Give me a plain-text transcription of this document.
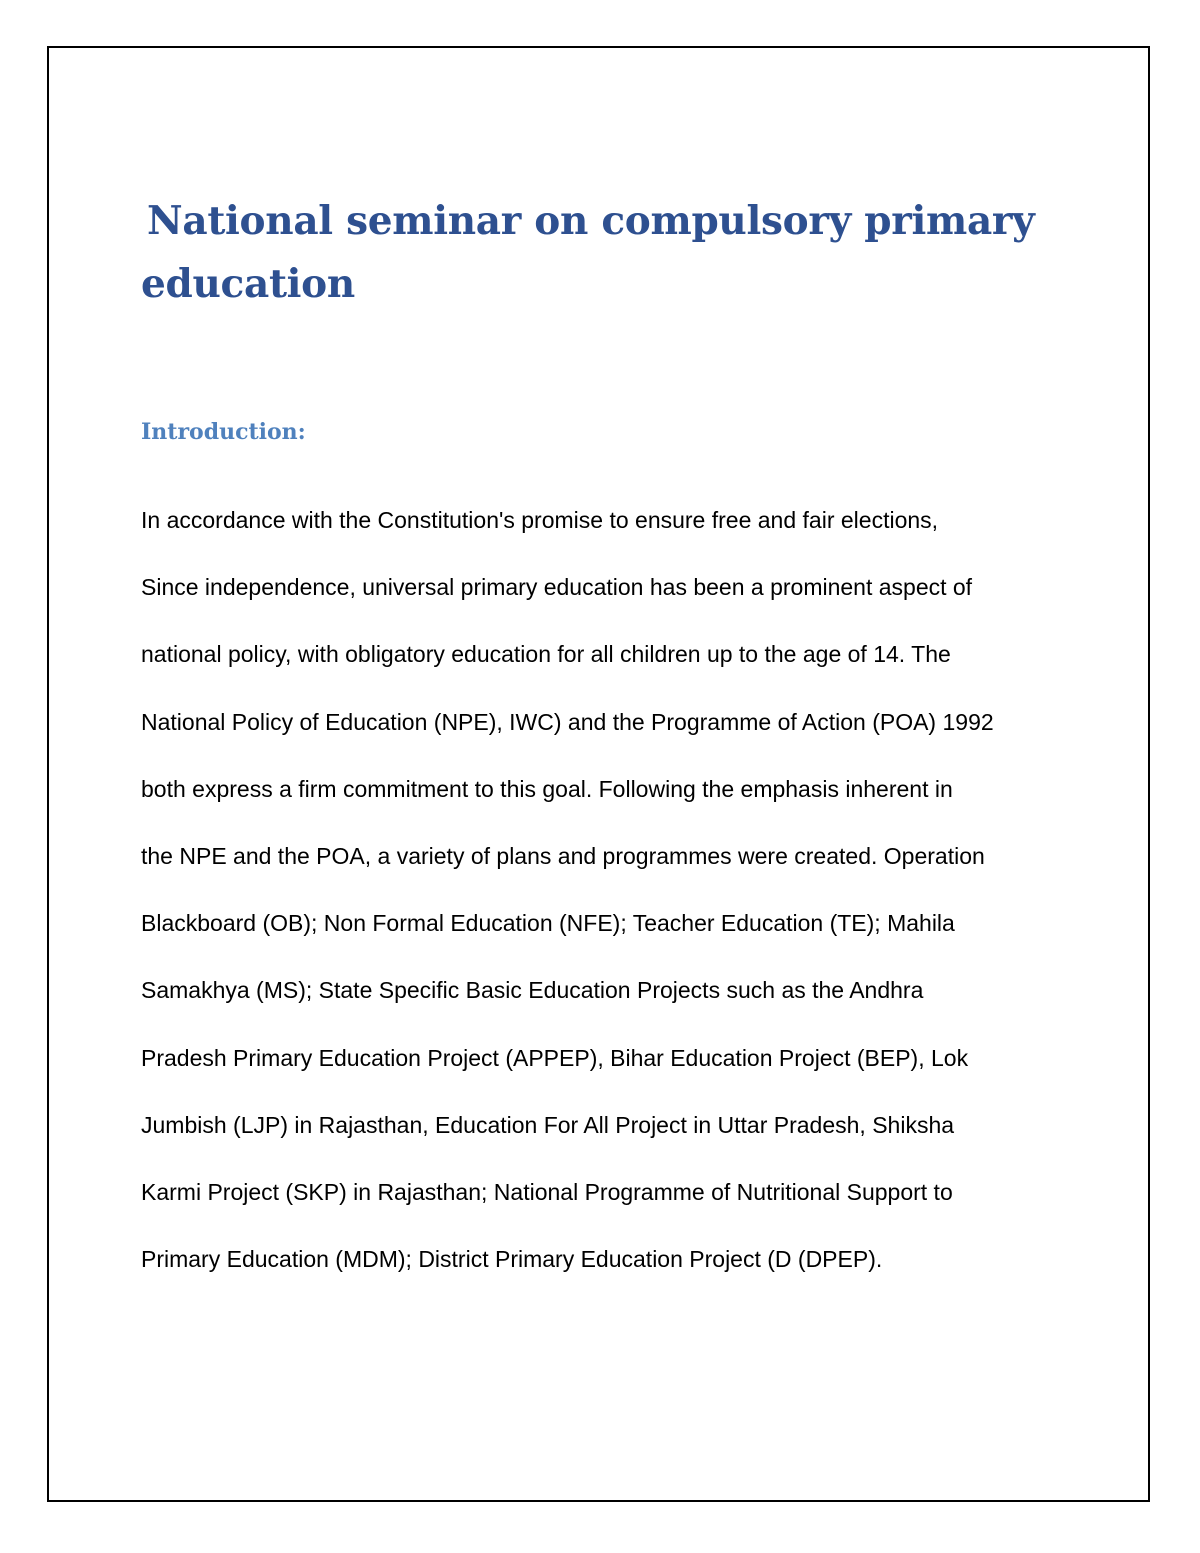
National seminar on compulsory primary
education
Introduction:
In accordance with the Constitution's promise to ensure free and fair elections,
Since independence, universal primary education has been a prominent aspect of
national policy, with obligatory education for all children up to the age of 14. The
National Policy of Education (NPE), IWC) and the Programme of Action (POA) 1992
both express a firm commitment to this goal. Following the emphasis inherent in
the NPE and the POA, a variety of plans and programmes were created. Operation
Blackboard (OB); Non Formal Education (NFE); Teacher Education (TE); Mahila
Samakhya (MS); State Specific Basic Education Projects such as the Andhra
Pradesh Primary Education Project (APPEP), Bihar Education Project (BEP), Lok
Jumbish (LJP) in Rajasthan, Education For All Project in Uttar Pradesh, Shiksha
Karmi Project (SKP) in Rajasthan; National Programme of Nutritional Support to
Primary Education (MDM); District Primary Education Project (D (DPEP).
